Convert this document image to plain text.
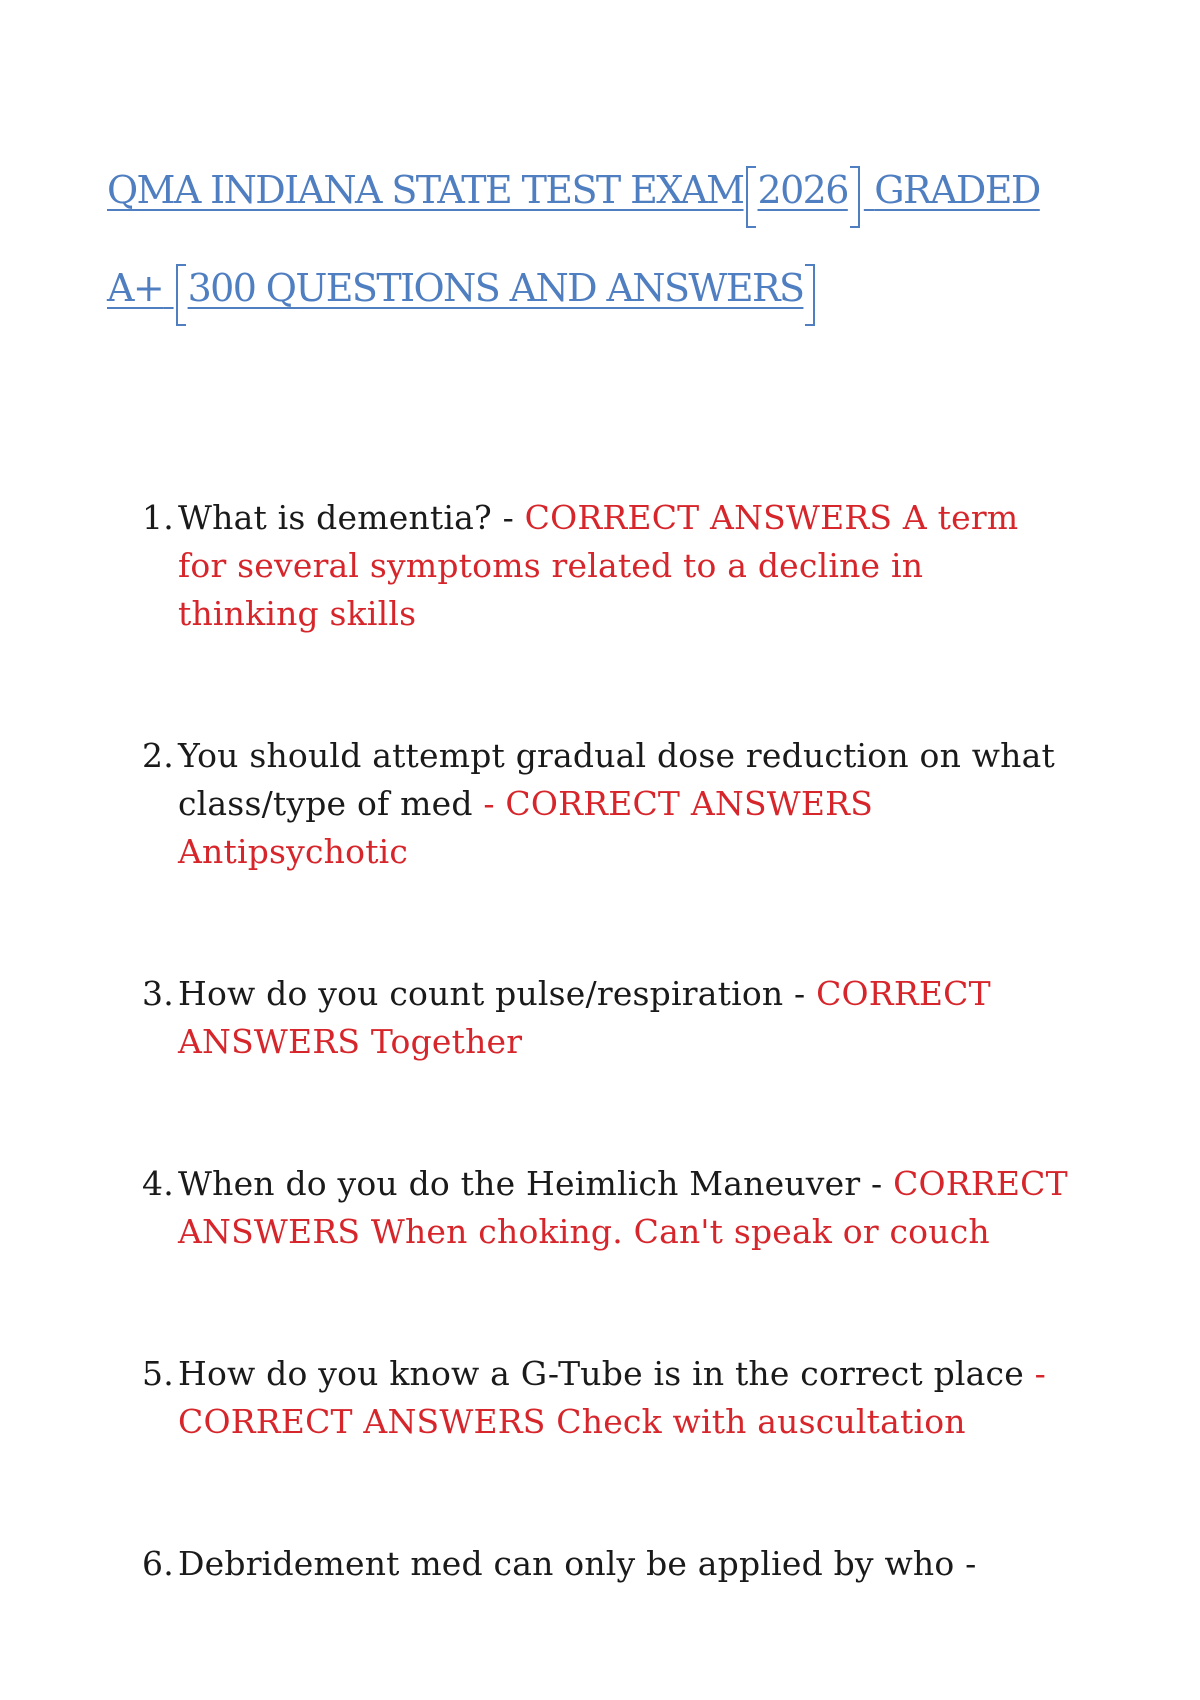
QMA INDIANA STATE TEST EXAM 2026 GRADED
A+ 300 QUESTIONS AND ANSWERS
1. What is dementia? - CORRECT ANSWERS A term for several symptoms related to a decline in thinking skills
2. You should attempt gradual dose reduction on what class/type of med - CORRECT ANSWERS Antipsychotic
3. How do you count pulse/respiration - CORRECT ANSWERS Together
4. When do you do the Heimlich Maneuver - CORRECT ANSWERS When choking. Can't speak or couch
5. How do you know a G-Tube is in the correct place - CORRECT ANSWERS Check with auscultation
6. Debridement med can only be applied by who -
